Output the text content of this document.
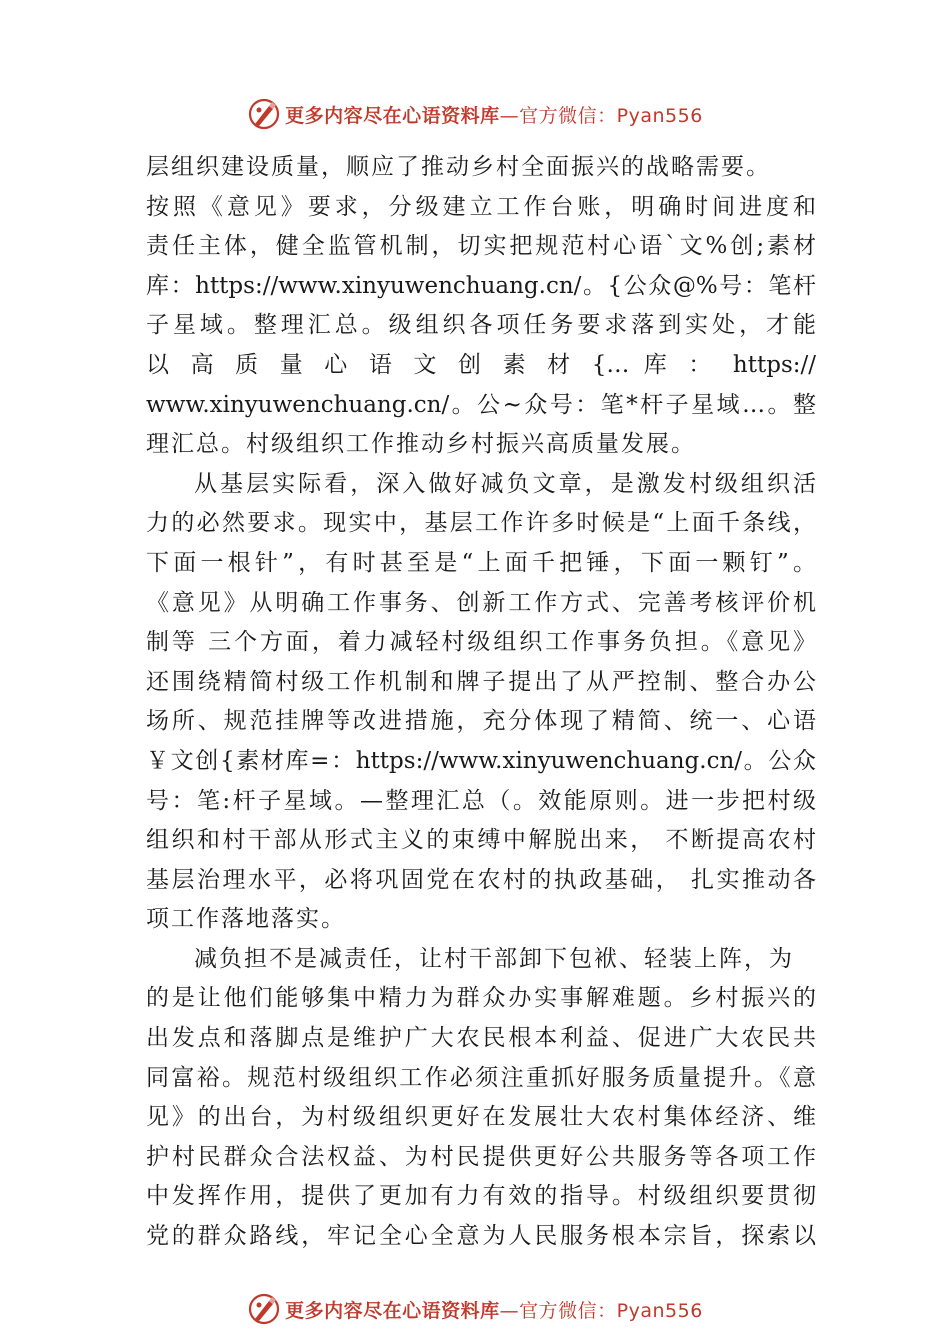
更多内容尽在心语资料库 —官方微信：Pyan556
层组织建设质量，顺应了推动乡村全面振兴的战略需要。
按照《意见》要求，分级建立工作台账，明确时间进度和
责任主体，健全监管机制，切实把规范村心语`文%创;素材
库：https://www.xinyuwenchuang.cn/。{公众@%号：笔杆
子星域。整理汇总。级组织各项任务要求落到实处，才能
以 高 质 量 心 语 文 创 素 材 {… 库 ： https://
www.xinyuwenchuang.cn/。公~众号：笔*杆子星域…。整
理汇总。村级组织工作推动乡村振兴高质量发展。
从基层实际看，深入做好减负文章，是激发村级组织活
力的必然要求。现实中，基层工作许多时候是“上面千条线，
下面一根针”，有时甚至是“上面千把锤，下面一颗钉”。
《意见》从明确工作事务、创新工作方式、完善考核评价机
制等 三个方面，着力减轻村级组织工作事务负担。《意见》
还围绕精简村级工作机制和牌子提出了从严控制、整合办公
场所、规范挂牌等改进措施，充分体现了精简、统一、心语
￥文创{素材库=：https://www.xinyuwenchuang.cn/。公众
号：笔:杆子星域。—整理汇总（。效能原则。进一步把村级
组织和村干部从形式主义的束缚中解脱出来， 不断提高农村
基层治理水平，必将巩固党在农村的执政基础， 扎实推动各
项工作落地落实。
减负担不是减责任，让村干部卸下包袱、轻装上阵，为
的是让他们能够集中精力为群众办实事解难题。乡村振兴的
出发点和落脚点是维护广大农民根本利益、促进广大农民共
同富裕。规范村级组织工作必须注重抓好服务质量提升。《意
见》的出台，为村级组织更好在发展壮大农村集体经济、维
护村民群众合法权益、为村民提供更好公共服务等各项工作
中发挥作用，提供了更加有力有效的指导。村级组织要贯彻
党的群众路线，牢记全心全意为人民服务根本宗旨，探索以
更多内容尽在心语资料库 —官方微信：Pyan556
